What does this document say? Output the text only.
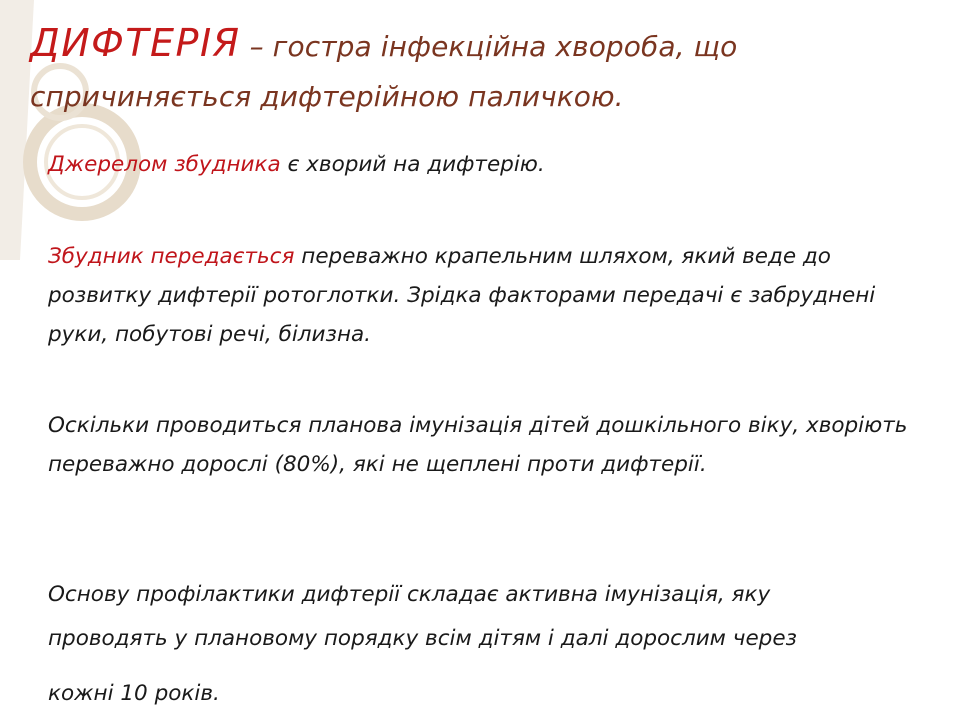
ДИФТЕРІЯ – гостра інфекційна хвороба, що спричиняється дифтерійною паличкою.

Джерелом збудника є хворий на дифтерію.

Збудник передається переважно крапельним шляхом, який веде до розвитку дифтерії ротоглотки. Зрідка факторами передачі є забруднені руки, побутові речі, білизна.

Оскільки проводиться планова імунізація дітей дошкільного віку, хворіють переважно дорослі (80%), які не щеплені проти дифтерії.

Основу профілактики дифтерії складає активна імунізація, яку
проводять у плановому порядку всім дітям і далі дорослим через
кожні 10 років.
